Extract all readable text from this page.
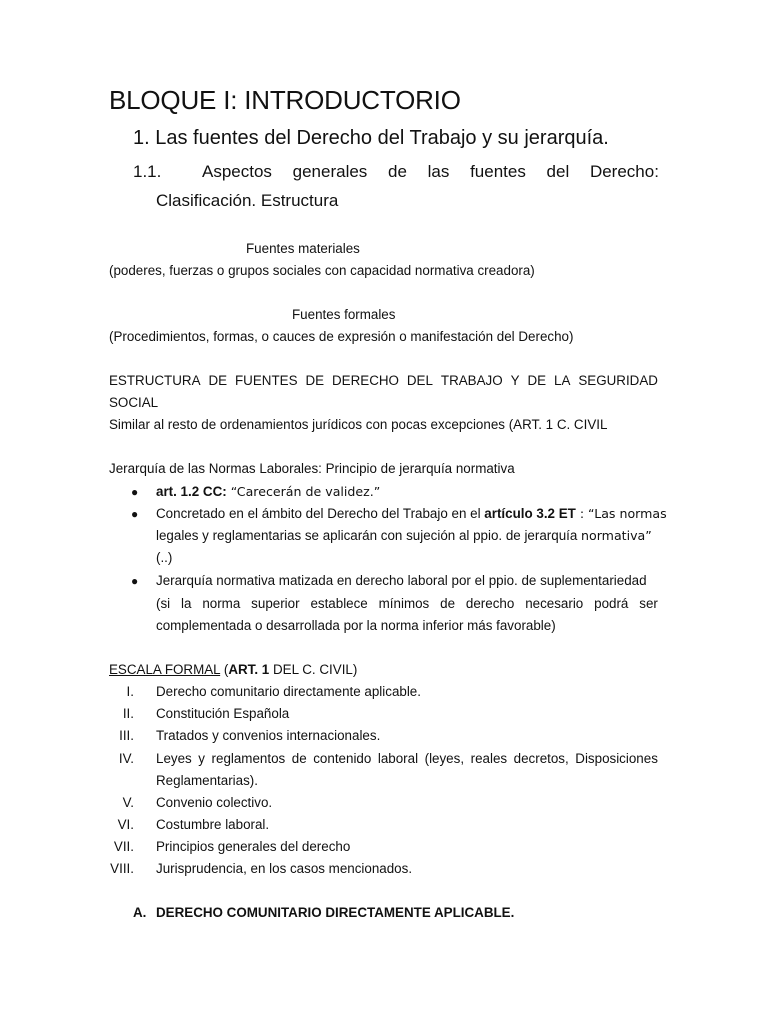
BLOQUE I: INTRODUCTORIO
1. Las fuentes del Derecho del Trabajo y su jerarquía.
1.1. Aspectos generales de las fuentes del Derecho:
Clasificación. Estructura
Fuentes materiales
(poderes, fuerzas o grupos sociales con capacidad normativa creadora)
Fuentes formales
(Procedimientos, formas, o cauces de expresión o manifestación del Derecho)
ESTRUCTURA DE FUENTES DE DERECHO DEL TRABAJO Y DE LA SEGURIDAD
SOCIAL
Similar al resto de ordenamientos jurídicos con pocas excepciones (ART. 1 C. CIVIL
Jerarquía de las Normas Laborales: Principio de jerarquía normativa
● art. 1.2 CC: “Carecerán de validez.”
● Concretado en el ámbito del Derecho del Trabajo en el artículo 3.2 ET : “Las normas
legales y reglamentarias se aplicarán con sujeción al ppio. de jerarquía normativa”
(..)
● Jerarquía normativa matizada en derecho laboral por el ppio. de suplementariedad
(si la norma superior establece mínimos de derecho necesario podrá ser
complementada o desarrollada por la norma inferior más favorable)
ESCALA FORMAL (ART. 1 DEL C. CIVIL)
I. Derecho comunitario directamente aplicable.
II. Constitución Española
III. Tratados y convenios internacionales.
IV. Leyes y reglamentos de contenido laboral (leyes, reales decretos, Disposiciones
Reglamentarias).
V. Convenio colectivo.
VI. Costumbre laboral.
VII. Principios generales del derecho
VIII. Jurisprudencia, en los casos mencionados.
A. DERECHO COMUNITARIO DIRECTAMENTE APLICABLE.
